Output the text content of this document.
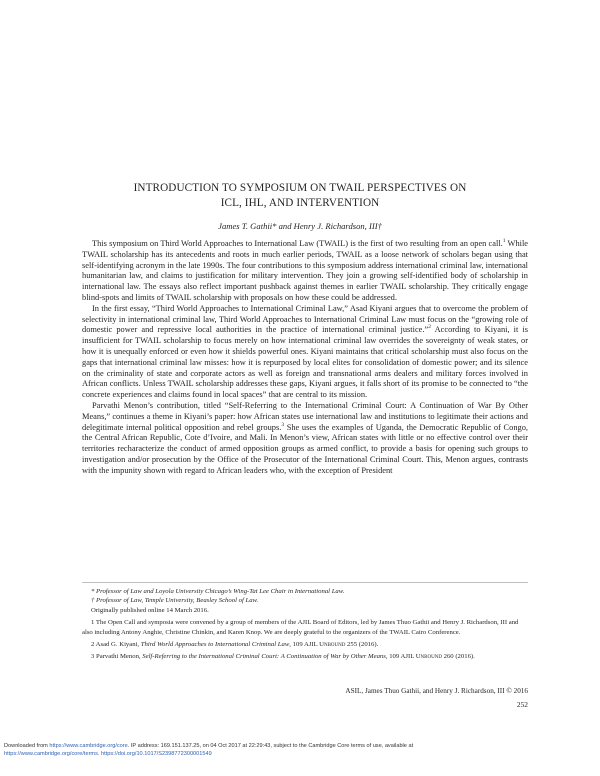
INTRODUCTION TO SYMPOSIUM ON TWAIL PERSPECTIVES ON
ICL, IHL, AND INTERVENTION
James T. Gathii* and Henry J. Richardson, III†

This symposium on Third World Approaches to International Law (TWAIL) is the first of two resulting from an open call.$^1$ While TWAIL scholarship has its antecedents and roots in much earlier periods, TWAIL as a loose network of scholars began using that self-identifying acronym in the late 1990s. The four contributions to this symposium address international criminal law, international humanitarian law, and claims to justification for military intervention. They join a growing self-identified body of scholarship in international law. The essays also reflect important pushback against themes in earlier TWAIL scholarship. They critically engage blind-spots and limits of TWAIL scholarship with proposals on how these could be addressed.

In the first essay, “Third World Approaches to International Criminal Law,” Asad Kiyani argues that to overcome the problem of selectivity in international criminal law, Third World Approaches to International Criminal Law must focus on the “growing role of domestic power and repressive local authorities in the practice of international criminal justice.”$^2$ According to Kiyani, it is insufficient for TWAIL scholarship to focus merely on how international criminal law overrides the sovereignty of weak states, or how it is unequally enforced or even how it shields powerful ones. Kiyani maintains that critical scholarship must also focus on the gaps that international criminal law misses: how it is repurposed by local elites for consolidation of domestic power; and its silence on the criminality of state and corporate actors as well as foreign and transnational arms dealers and military forces involved in African conflicts. Unless TWAIL scholarship addresses these gaps, Kiyani argues, it falls short of its promise to be connected to “the concrete experiences and claims found in local spaces” that are central to its mission.

Parvathi Menon’s contribution, titled “Self-Referring to the International Criminal Court: A Continuation of War By Other Means,” continues a theme in Kiyani’s paper: how African states use international law and institutions to legitimate their actions and delegitimate internal political opposition and rebel groups.$^3$ She uses the examples of Uganda, the Democratic Republic of Congo, the Central African Republic, Cote d’Ivoire, and Mali. In Menon’s view, African states with little or no effective control over their territories recharacterize the conduct of armed opposition groups as armed conflict, to provide a basis for opening such groups to investigation and/or prosecution by the Office of the Prosecutor of the International Criminal Court. This, Menon argues, contrasts with the impunity shown with regard to African leaders who, with the exception of President

* Professor of Law and Loyola University Chicago’s Wing-Tat Lee Chair in International Law.
† Professor of Law, Temple University, Beasley School of Law.
Originally published online 14 March 2016.
1 The Open Call and symposia were convened by a group of members of the AJIL Board of Editors, led by James Thuo Gathii and Henry J. Richardson, III and also including Antony Anghie, Christine Chinkin, and Karen Knop. We are deeply grateful to the organizers of the TWAIL Cairo Conference.
2 Asad G. Kiyani, Third World Approaches to International Criminal Law, 109 AJIL Unbound 255 (2016).
3 Parvathi Menon, Self-Referring to the International Criminal Court: A Continuation of War by Other Means, 109 AJIL Unbound 260 (2016).
ASIL, James Thuo Gathii, and Henry J. Richardson, III © 2016
252
Downloaded from https://www.cambridge.org/core. IP address: 169.151.137.25, on 04 Oct 2017 at 22:29:43, subject to the Cambridge Core terms of use, available at
https://www.cambridge.org/core/terms. https://doi.org/10.1017/S2398772300001549
